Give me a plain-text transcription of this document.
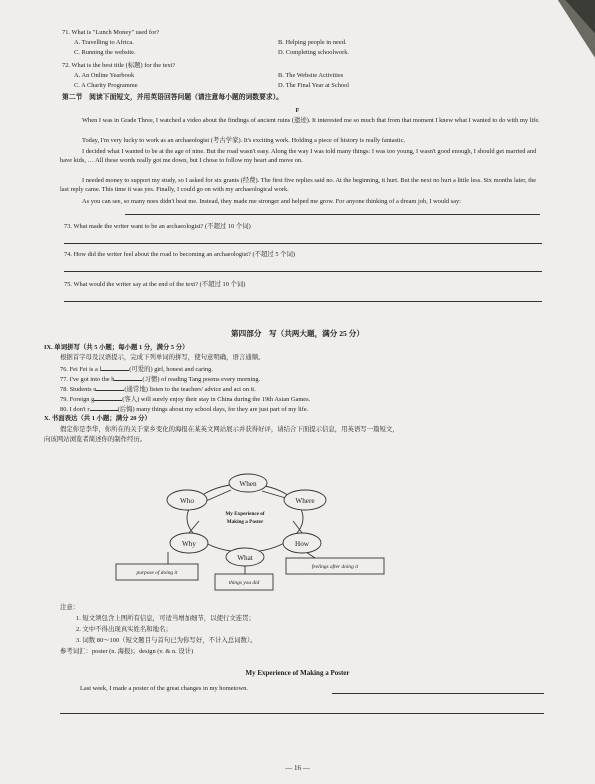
71. What is "Lunch Money" used for?
A. Travelling to Africa.	B. Helping people in need.
C. Running the website.	D. Completing schoolwork.
72. What is the best title (标题) for the text?
A. An Online Yearbook	B. The Website Activities
C. A Charity Programme	D. The Final Year at School
第二节　阅读下面短文，并用英语回答问题（请注意每小题的词数要求）。
F
When I was in Grade Three, I watched a video about the findings of ancient ruins (遗迹). It interested me so much that from that moment I knew what I wanted to do with my life.
Today, I'm very lucky to work as an archaeologist (考古学家). It's exciting work. Holding a piece of history is really fantastic.
I decided what I wanted to be at the age of nine. But the road wasn't easy. Along the way I was told many things: I was too young, I wasn't good enough, I should get married and have kids, … All these words really got me down, but I chose to follow my heart and move on.
I needed money to support my study, so I asked for six grants (经费). The first five replies said no. At the beginning, it hurt. But the next no hurt a little less. Six months later, the last reply came. This time it was yes. Finally, I could go on with my archaeological work.
As you can see, so many noes didn't beat me. Instead, they made me stronger and helped me grow. For anyone thinking of a dream job, I would say:
73. What made the writer want to be an archaeologist? (不超过 10 个词)
74. How did the writer feel about the road to becoming an archaeologist? (不超过 5 个词)
75. What would the writer say at the end of the text? (不超过 10 个词)
第四部分　写（共两大题，满分 25 分）
IX. 单词拼写（共 5 小题；每小题 1 分，满分 5 分）
根据首字母及汉语提示，完成下列单词的拼写，使句意明确，语言通顺。
76. Fei Fei is a l	(可爱的) girl, honest and caring.
77. I've got into the h	(习惯) of reading Tang poems every morning.
78. Students u	(通常地) listen to the teachers' advice and act on it.
79. Foreign g	(客人) will surely enjoy their stay in China during the 19th Asian Games.
80. I don't r	(后悔) many things about my school days, for they are just part of my life.
X. 书面表达（共 1 小题；满分 20 分）
假定你是李华，你所在的关于家乡变化的海报在某英文网站展示并获得好评，请结合下面提示信息，用英语写一篇短文，
向该网站浏览者简述你的制作经历。
When
Who	Where
Why	How
What
My Experience of
Making a Poster
purpose of doing it
things you did
feelings after doing it
注意：
1. 短文须包含上图所有信息，可适当增加细节，以使行文连贯；
2. 文中不得出现真实姓名和地名；
3. 词数 80～100（短文题目与首句已为你写好，不计入总词数）。
参考词汇：poster (n. 海报)；design (v. & n. 设计)
My Experience of Making a Poster
Last week, I made a poster of the great changes in my hometown.
— 16 —
